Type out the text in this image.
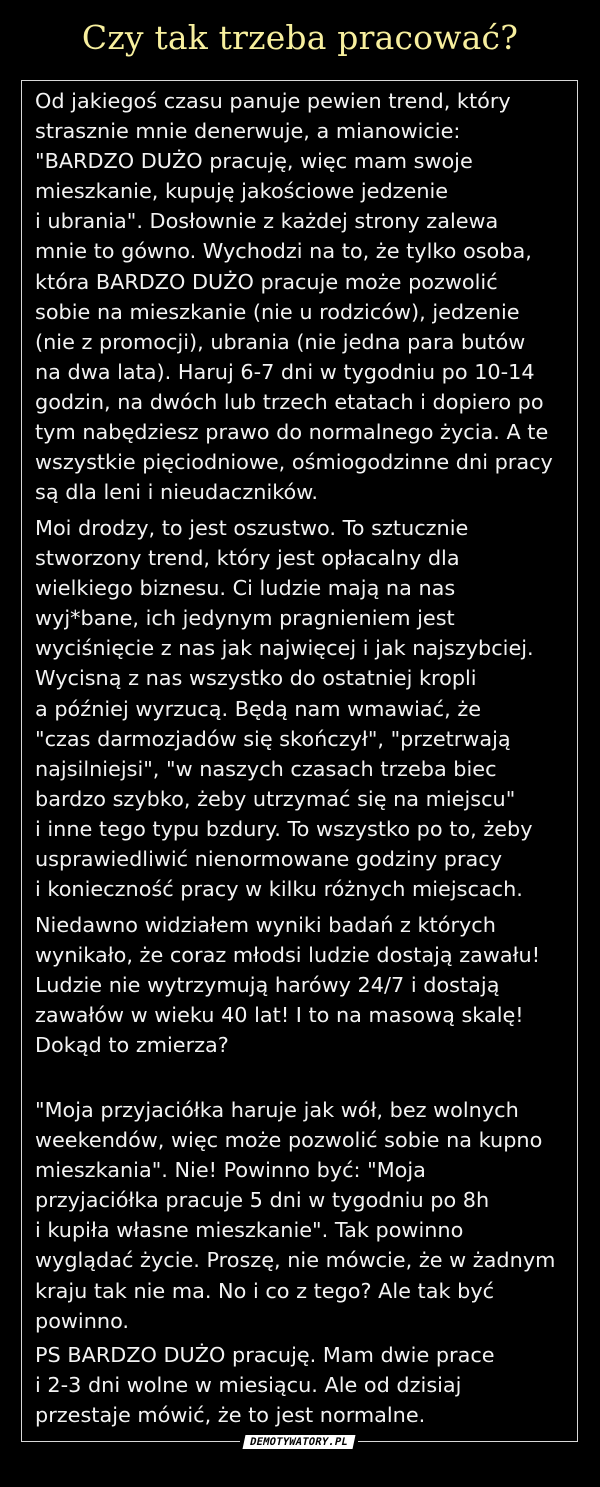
Czy tak trzeba pracować?

Od jakiegoś czasu panuje pewien trend, który
strasznie mnie denerwuje, a mianowicie:
"BARDZO DUŻO pracuję, więc mam swoje
mieszkanie, kupuję jakościowe jedzenie
i ubrania". Dosłownie z każdej strony zalewa
mnie to gówno. Wychodzi na to, że tylko osoba,
która BARDZO DUŻO pracuje może pozwolić
sobie na mieszkanie (nie u rodziców), jedzenie
(nie z promocji), ubrania (nie jedna para butów
na dwa lata). Haruj 6-7 dni w tygodniu po 10-14
godzin, na dwóch lub trzech etatach i dopiero po
tym nabędziesz prawo do normalnego życia. A te
wszystkie pięciodniowe, ośmiogodzinne dni pracy
są dla leni i nieudaczników.

Moi drodzy, to jest oszustwo. To sztucznie
stworzony trend, który jest opłacalny dla
wielkiego biznesu. Ci ludzie mają na nas
wyj*bane, ich jedynym pragnieniem jest
wyciśnięcie z nas jak najwięcej i jak najszybciej.
Wycisną z nas wszystko do ostatniej kropli
a później wyrzucą. Będą nam wmawiać, że
"czas darmozjadów się skończył", "przetrwają
najsilniejsi", "w naszych czasach trzeba biec
bardzo szybko, żeby utrzymać się na miejscu"
i inne tego typu bzdury. To wszystko po to, żeby
usprawiedliwić nienormowane godziny pracy
i konieczność pracy w kilku różnych miejscach.

Niedawno widziałem wyniki badań z których
wynikało, że coraz młodsi ludzie dostają zawału!
Ludzie nie wytrzymują harówy 24/7 i dostają
zawałów w wieku 40 lat! I to na masową skalę!
Dokąd to zmierza?

"Moja przyjaciółka haruje jak wół, bez wolnych
weekendów, więc może pozwolić sobie na kupno
mieszkania". Nie! Powinno być: "Moja
przyjaciółka pracuje 5 dni w tygodniu po 8h
i kupiła własne mieszkanie". Tak powinno
wyglądać życie. Proszę, nie mówcie, że w żadnym
kraju tak nie ma. No i co z tego? Ale tak być
powinno.

PS BARDZO DUŻO pracuję. Mam dwie prace
i 2-3 dni wolne w miesiącu. Ale od dzisiaj
przestaje mówić, że to jest normalne.

DEMOTYWATORY.PL
